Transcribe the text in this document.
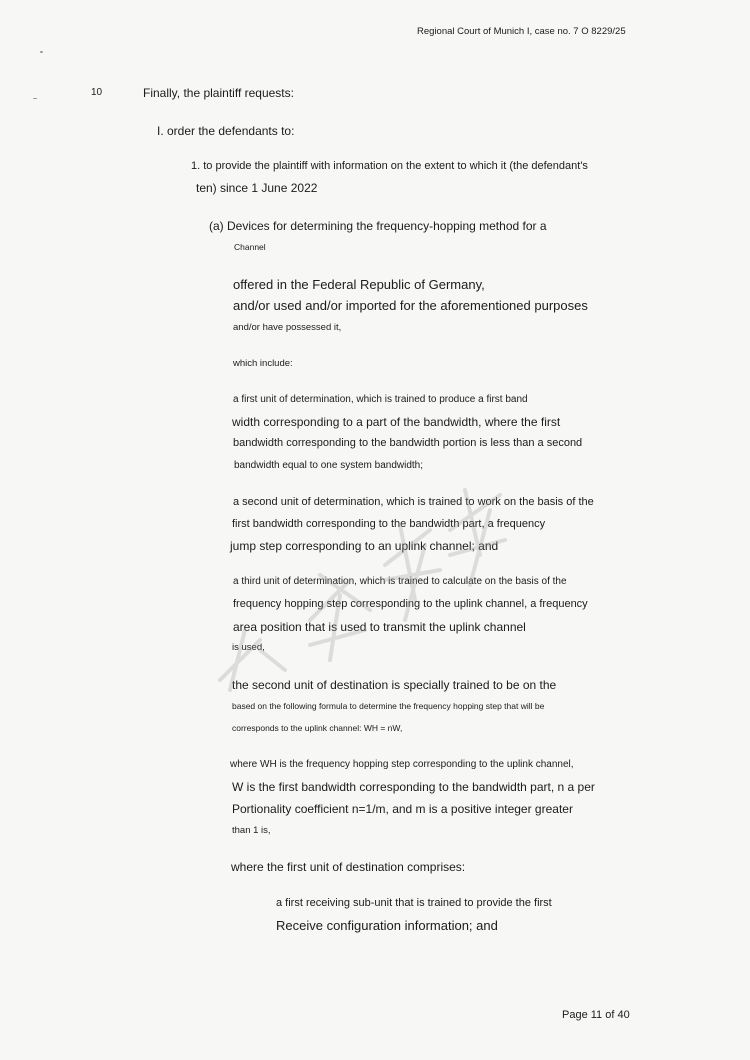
Regional Court of Munich I, case no. 7 O 8229/25
10	Finally, the plaintiff requests:
I. order the defendants to:
1. to provide the plaintiff with information on the extent to which it (the defendant's
ten) since 1 June 2022
(a) Devices for determining the frequency-hopping method for a
Channel
offered in the Federal Republic of Germany,
and/or used and/or imported for the aforementioned purposes
and/or have possessed it,
which include:
a first unit of determination, which is trained to produce a first band
width corresponding to a part of the bandwidth, where the first
bandwidth corresponding to the bandwidth portion is less than a second
bandwidth equal to one system bandwidth;
a second unit of determination, which is trained to work on the basis of the
first bandwidth corresponding to the bandwidth part, a frequency
jump step corresponding to an uplink channel; and
a third unit of determination, which is trained to calculate on the basis of the
frequency hopping step corresponding to the uplink channel, a frequency
area position that is used to transmit the uplink channel
is used,
the second unit of destination is specially trained to be on the
based on the following formula to determine the frequency hopping step that will be
corresponds to the uplink channel: WH = nW,
where WH is the frequency hopping step corresponding to the uplink channel,
W is the first bandwidth corresponding to the bandwidth part, n a per
Portionality coefficient n=1/m, and m is a positive integer greater
than 1 is,
where the first unit of destination comprises:
a first receiving sub-unit that is trained to provide the first
Receive configuration information; and
Page 11 of 40
